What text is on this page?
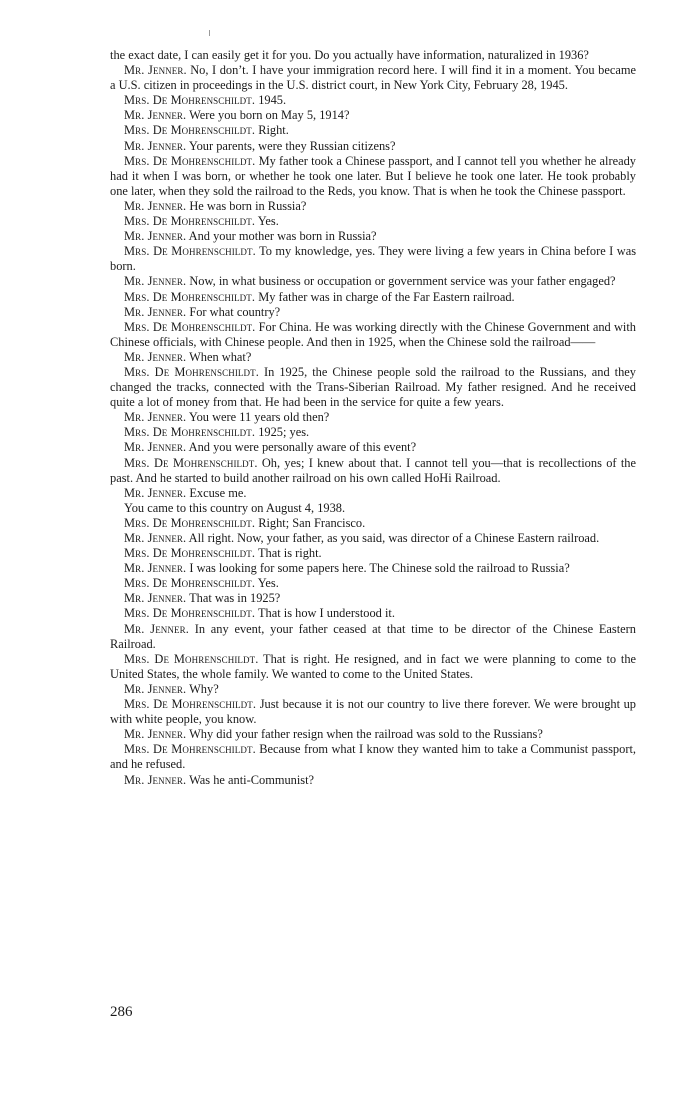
the exact date, I can easily get it for you. Do you actually have information, naturalized in 1936?

Mr. Jenner. No, I don’t. I have your immigration record here. I will find it in a moment. You became a U.S. citizen in proceedings in the U.S. district court, in New York City, February 28, 1945.

Mrs. De Mohrenschildt. 1945.

Mr. Jenner. Were you born on May 5, 1914?

Mrs. De Mohrenschildt. Right.

Mr. Jenner. Your parents, were they Russian citizens?

Mrs. De Mohrenschildt. My father took a Chinese passport, and I cannot tell you whether he already had it when I was born, or whether he took one later. But I believe he took one later. He took probably one later, when they sold the railroad to the Reds, you know. That is when he took the Chinese passport.

Mr. Jenner. He was born in Russia?

Mrs. De Mohrenschildt. Yes.

Mr. Jenner. And your mother was born in Russia?

Mrs. De Mohrenschildt. To my knowledge, yes. They were living a few years in China before I was born.

Mr. Jenner. Now, in what business or occupation or government service was your father engaged?

Mrs. De Mohrenschildt. My father was in charge of the Far Eastern railroad.

Mr. Jenner. For what country?

Mrs. De Mohrenschildt. For China. He was working directly with the Chinese Government and with Chinese officials, with Chinese people. And then in 1925, when the Chinese sold the railroad——

Mr. Jenner. When what?

Mrs. De Mohrenschildt. In 1925, the Chinese people sold the railroad to the Russians, and they changed the tracks, connected with the Trans-Siberian Railroad. My father resigned. And he received quite a lot of money from that. He had been in the service for quite a few years.

Mr. Jenner. You were 11 years old then?

Mrs. De Mohrenschildt. 1925; yes.

Mr. Jenner. And you were personally aware of this event?

Mrs. De Mohrenschildt. Oh, yes; I knew about that. I cannot tell you—that is recollections of the past. And he started to build another railroad on his own called HoHi Railroad.

Mr. Jenner. Excuse me.

You came to this country on August 4, 1938.

Mrs. De Mohrenschildt. Right; San Francisco.

Mr. Jenner. All right. Now, your father, as you said, was director of a Chinese Eastern railroad.

Mrs. De Mohrenschildt. That is right.

Mr. Jenner. I was looking for some papers here. The Chinese sold the railroad to Russia?

Mrs. De Mohrenschildt. Yes.

Mr. Jenner. That was in 1925?

Mrs. De Mohrenschildt. That is how I understood it.

Mr. Jenner. In any event, your father ceased at that time to be director of the Chinese Eastern Railroad.

Mrs. De Mohrenschildt. That is right. He resigned, and in fact we were planning to come to the United States, the whole family. We wanted to come to the United States.

Mr. Jenner. Why?

Mrs. De Mohrenschildt. Just because it is not our country to live there forever. We were brought up with white people, you know.

Mr. Jenner. Why did your father resign when the railroad was sold to the Russians?

Mrs. De Mohrenschildt. Because from what I know they wanted him to take a Communist passport, and he refused.

Mr. Jenner. Was he anti-Communist?

286
